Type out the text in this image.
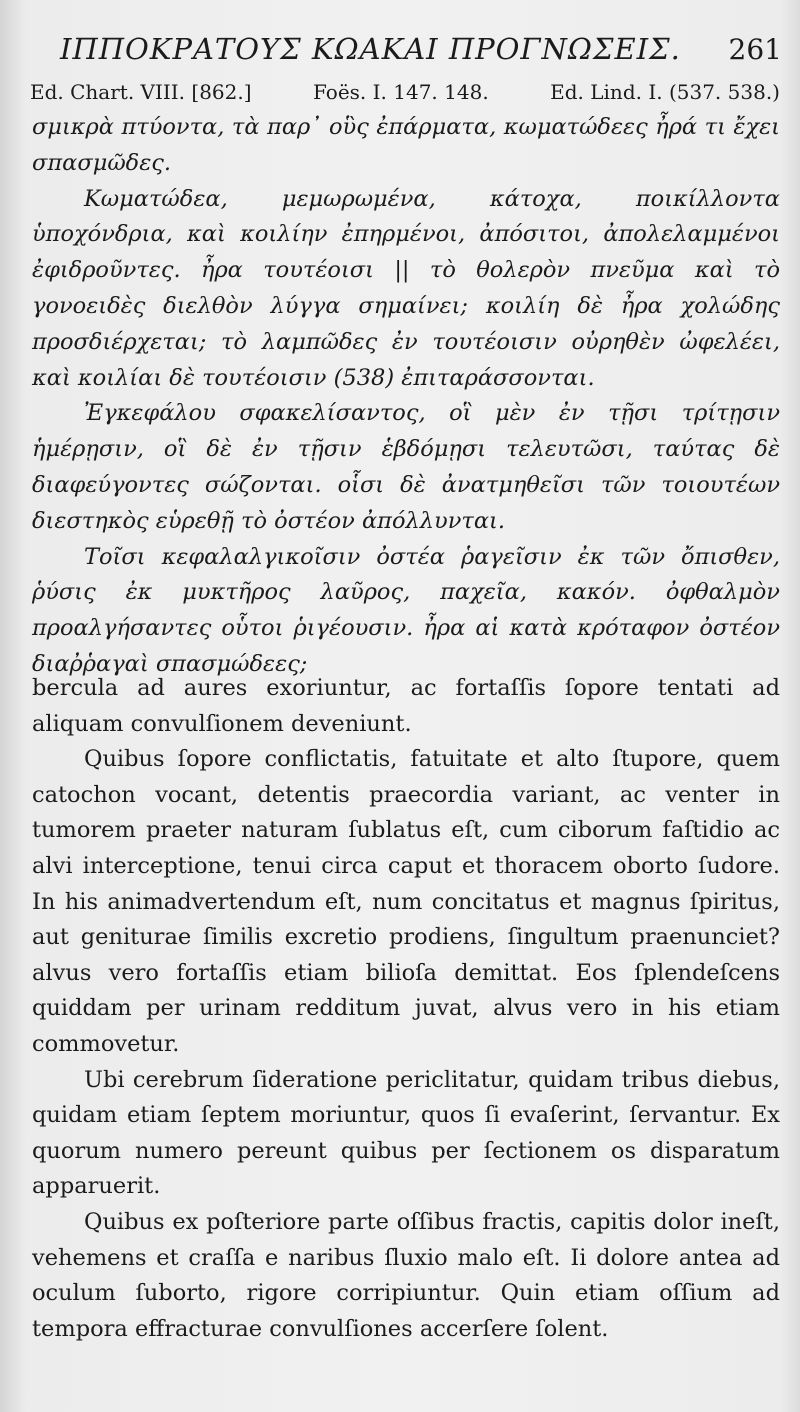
ΙΠΠΟΚΡΑΤΟΥΣ ΚΩΑΚΑΙ ΠΡΟΓΝΩΣΕΙΣ. 261
Ed. Chart. VIII. [862.]	Foës. I. 147. 148.	Ed. Lind. I. (537. 538.)

σμικρὰ πτύοντα, τὰ παρ᾽ οὓς ἐπάρματα, κωματώδεες ἦρά τι ἔχει σπασμῶδες.

Κωματώδεα, μεμωρωμένα, κάτοχα, ποικίλλοντα ὑποχόνδρια, καὶ κοιλίην ἐπηρμένοι, ἀπόσιτοι, ἀπολελαμμένοι ἐφιδροῦντες. ἦρα τουτέοισι || τὸ θολερὸν πνεῦμα καὶ τὸ γονοειδὲς διελθὸν λύγγα σημαίνει; κοιλίη δὲ ἦρα χολώδης προσδιέρχεται; τὸ λαμπῶδες ἐν τουτέοισιν οὐρηθὲν ὠφελέει, καὶ κοιλίαι δὲ τουτέοισιν (538) ἐπιταράσσονται.

Ἐγκεφάλου σφακελίσαντος, οἳ μὲν ἐν τῇσι τρίτῃσιν ἡμέρῃσιν, οἳ δὲ ἐν τῇσιν ἑβδόμῃσι τελευτῶσι, ταύτας δὲ διαφεύγοντες σώζονται. οἷσι δὲ ἀνατμηθεῖσι τῶν τοιουτέων διεστηκὸς εὑρεθῇ τὸ ὀστέον ἀπόλλυνται.

Τοῖσι κεφαλαλγικοῖσιν ὀστέα ῥαγεῖσιν ἐκ τῶν ὄπισθεν, ῥύσις ἐκ μυκτῆρος λαῦρος, παχεῖα, κακόν. ὀφθαλμὸν προαλγήσαντες οὗτοι ῥιγέουσιν. ἦρα αἱ κατὰ κρόταφον ὀστέον διαῤῥαγαὶ σπασμώδεες;

bercula ad aures exoriuntur, ac fortaſſis ſopore tentati ad aliquam convulſionem deveniunt.

Quibus ſopore conflictatis, fatuitate et alto ſtupore, quem catochon vocant, detentis praecordia variant, ac venter in tumorem praeter naturam ſublatus eſt, cum ciborum faſtidio ac alvi interceptione, tenui circa caput et thoracem oborto ſudore. In his animadvertendum eſt, num concitatus et magnus ſpiritus, aut geniturae ſimilis excretio prodiens, ſingultum praenunciet? alvus vero fortaſſis etiam bilioſa demittat. Eos ſplendeſcens quiddam per urinam redditum juvat, alvus vero in his etiam commovetur.

Ubi cerebrum ſideratione periclitatur, quidam tribus diebus, quidam etiam ſeptem moriuntur, quos ſi evaſerint, ſervantur. Ex quorum numero pereunt quibus per ſectionem os disparatum apparuerit.

Quibus ex poſteriore parte oſſibus fractis, capitis dolor ineſt, vehemens et craſſa e naribus ſluxio malo eſt. Ii dolore antea ad oculum ſuborto, rigore corripiuntur. Quin etiam oſſium ad tempora effracturae convulſiones accerſere ſolent.
